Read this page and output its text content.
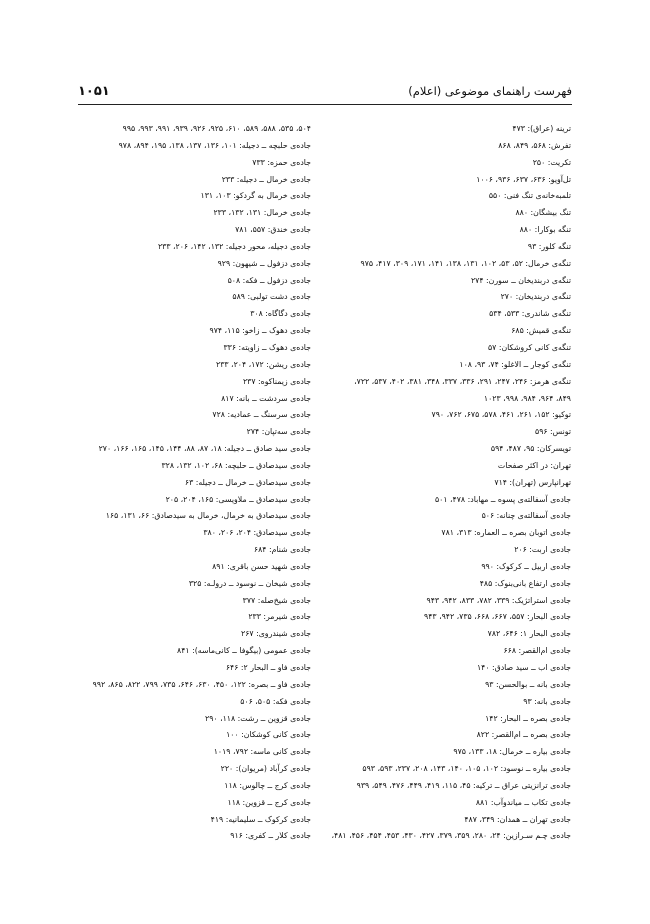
۱۰۵۱	فهرست راهنمای موضوعی (اعلام)
ترینه (عراق): ۴۷۳
تفرش: ۵۶۸، ۸۴۹، ۸۶۸
تکریت: ۲۵۰
تل‌آویو: ۶۳۶، ۶۳۷، ۹۳۶، ۱۰۰۶
تلمبه‌خانه‌ی تنگ فنی: ۵۵۰
تنگ بیشگان: ۸۸۰
تنگه بوکارا: ۸۸۰
تنگه کلور: ۹۳
تنگه‌ی خرمال: ۵۲، ۵۳، ۱۰۲، ۱۳۱، ۱۳۸، ۱۴۱، ۱۷۱، ۳۰۹، ۴۱۷، ۹۷۵
تنگه‌ی دربندیخان ــ سورن: ۲۷۴
تنگه‌ی دربندیخان: ۲۷۰
تنگه‌ی شاندری: ۵۳۳، ۵۳۴
تنگه‌ی قمیش: ۶۸۵
تنگه‌ی کانی کروشکان: ۵۷
تنگه‌ی کوجار ــ الاغلو: ۷۴، ۹۳، ۱۰۸
تنگه‌ی هرمز: ۲۴۶، ۲۴۷، ۲۹۱، ۳۳۶، ۳۳۷، ۳۴۸، ۳۸۱، ۴۰۲، ۵۳۷، ۷۲۲،
۸۴۹، ۹۶۴، ۹۸۴، ۹۹۸، ۱۰۲۳
توکیو: ۱۵۲، ۲۶۱، ۴۶۱، ۵۷۸، ۶۷۵، ۷۶۲، ۷۹۰
تونس: ۵۹۶
تویسرکان: ۹۵، ۴۸۷، ۵۹۴
تهران: در اکثر صفحات
تهرانپارس (تهران): ۷۱۴
جاده‌ی آسفالته‌ی پسوه ــ مهاباد: ۴۷۸، ۵۰۱
جاده‌ی آسفالته‌ی چنانه: ۵۰۶
جاده‌ی اتوبان بصره ــ العماره: ۳۱۳، ۷۸۱
جاده‌ی اربت: ۲۰۶
جاده‌ی اربیل ــ کرکوک: ۹۹۰
جاده‌ی ارتفاع بانی‌بنوک: ۴۸۵
جاده‌ی استراتژیک: ۳۳۹، ۷۸۲، ۸۳۳، ۹۴۲، ۹۴۳
جاده‌ی البحار: ۵۵۷، ۶۶۷، ۶۶۸، ۷۳۵، ۹۴۲، ۹۴۳
جاده‌ی البحار ۱: ۶۴۶، ۷۸۲
جاده‌ی ام‌القصر: ۶۶۸
جاده‌ی اب ــ سید صادق: ۱۴۰
جاده‌ی بانه ــ بوالحسن: ۹۳
جاده‌ی بانه: ۹۳
جاده‌ی بصره ــ البحار: ۱۴۲
جاده‌ی بصره ــ ام‌القصر: ۸۲۲
جاده‌ی بیاره ــ خرمال: ۱۸، ۱۳۳، ۹۷۵
جاده‌ی بیاره ــ نوسود: ۱۰۲، ۱۰۵، ۱۴۰، ۱۴۳، ۲۰۸، ۲۳۷، ۵۹۳، ۵۹۳
جاده‌ی ترانزیتی عراق ــ ترکیه: ۴۵، ۱۱۵، ۴۱۹، ۴۴۹، ۴۷۶، ۵۴۹، ۹۳۹
جاده‌ی تکاب ــ میاندوآب: ۸۸۱
جاده‌ی تهران ــ همدان: ۳۴۹، ۴۸۷
جاده‌ی چـم سـرازین: ۲۴، ۲۸۰، ۳۵۹، ۳۷۹، ۴۲۷، ۴۳۰، ۴۵۳، ۴۵۴، ۴۵۶، ۴۸۱،
۵۰۴، ۵۳۵، ۵۸۸، ۵۸۹، ۶۱۰، ۹۲۵، ۹۲۶، ۹۳۹، ۹۹۱، ۹۹۳، ۹۹۵
جاده‌ی حلبچه ــ دجیله: ۱۰۱، ۱۳۶، ۱۳۷، ۱۳۸، ۱۹۵، ۸۹۴، ۹۷۸
جاده‌ی حمزه: ۷۳۳
جاده‌ی خرمال ــ دجیله: ۲۳۳
جاده‌ی خرمال به گردکو: ۱۰۳، ۱۳۱
جاده‌ی خرمال: ۱۳۱، ۱۳۲، ۲۳۳
جاده‌ی خندق: ۵۵۷، ۷۸۱
جاده‌ی دجیله، محور دجیله: ۱۳۲، ۱۴۲، ۲۰۶، ۲۳۳
جاده‌ی دزفول ــ شیهون: ۹۲۹
جاده‌ی دزفول ــ فکه: ۵۰۸
جاده‌ی دشت تولبی: ۵۸۹
جاده‌ی دگاگاه: ۳۰۸
جاده‌ی دهوک ــ زاخو: ۱۱۵، ۹۷۴
جاده‌ی دهوک ــ زاویته: ۳۳۶
جاده‌ی ریشن: ۱۷۲، ۲۰۴، ۲۳۳
جاده‌ی زیمناکوه: ۲۳۷
جاده‌ی سردشت ــ بانه: ۸۱۷
جاده‌ی سرسنگ ــ عمادیه: ۷۲۸
جاده‌ی سه‌تپان: ۲۷۴
جاده‌ی سید صادق ــ دجیله: ۱۸، ۸۷، ۸۸، ۱۴۴، ۱۴۵، ۱۶۵، ۱۶۶، ۲۷۰
جاده‌ی سیدصادق ــ حلبچه: ۶۸، ۱۰۲، ۱۳۲، ۳۲۸
جاده‌ی سیدصادق ــ خرمال ــ دجیله: ۶۳
جاده‌ی سیدصادق ــ ملاویسی: ۱۶۵، ۲۰۴، ۲۰۵
جاده‌ی سیدصادق به خرمال، خرمال به سیدصادق: ۶۶، ۱۳۱، ۱۶۵
جاده‌ی سیدصادق: ۲۰۴، ۲۰۶، ۳۸۰
جاده‌ی شنام: ۶۸۴
جاده‌ی شهید حسن باقری: ۸۹۱
جاده‌ی شیخان ــ نوسود ــ درولـه: ۳۲۵
جاده‌ی شیخ‌صله: ۳۷۷
جاده‌ی شیرمر: ۲۳۳
جاده‌ی شیندروی: ۲۶۷
جاده‌ی عمومی (بیگوفا ــ کانی‌ماسه): ۸۴۱
جاده‌ی فاو ــ البحار ۲: ۶۴۶
جاده‌ی فاو ــ بصره: ۱۲۲، ۴۵۰، ۶۳۰، ۶۴۶، ۷۳۵، ۷۹۹، ۸۲۲، ۸۶۵، ۹۹۲
جاده‌ی فکه: ۵۰۵، ۵۰۶
جاده‌ی قزوین ــ رشت: ۱۱۸، ۲۹۰
جاده‌ی کانی کوشکان: ۱۰۰
جاده‌ی کانی ماسه: ۷۹۲، ۱۰۱۹
جاده‌ی کرآباد (مریوان): ۲۲۰
جاده‌ی کرج ــ چالوس: ۱۱۸
جاده‌ی کرج ــ قزوین: ۱۱۸
جاده‌ی کرکوک ــ سلیمانیه: ۴۱۹
جاده‌ی کلار ــ کفری: ۹۱۶
